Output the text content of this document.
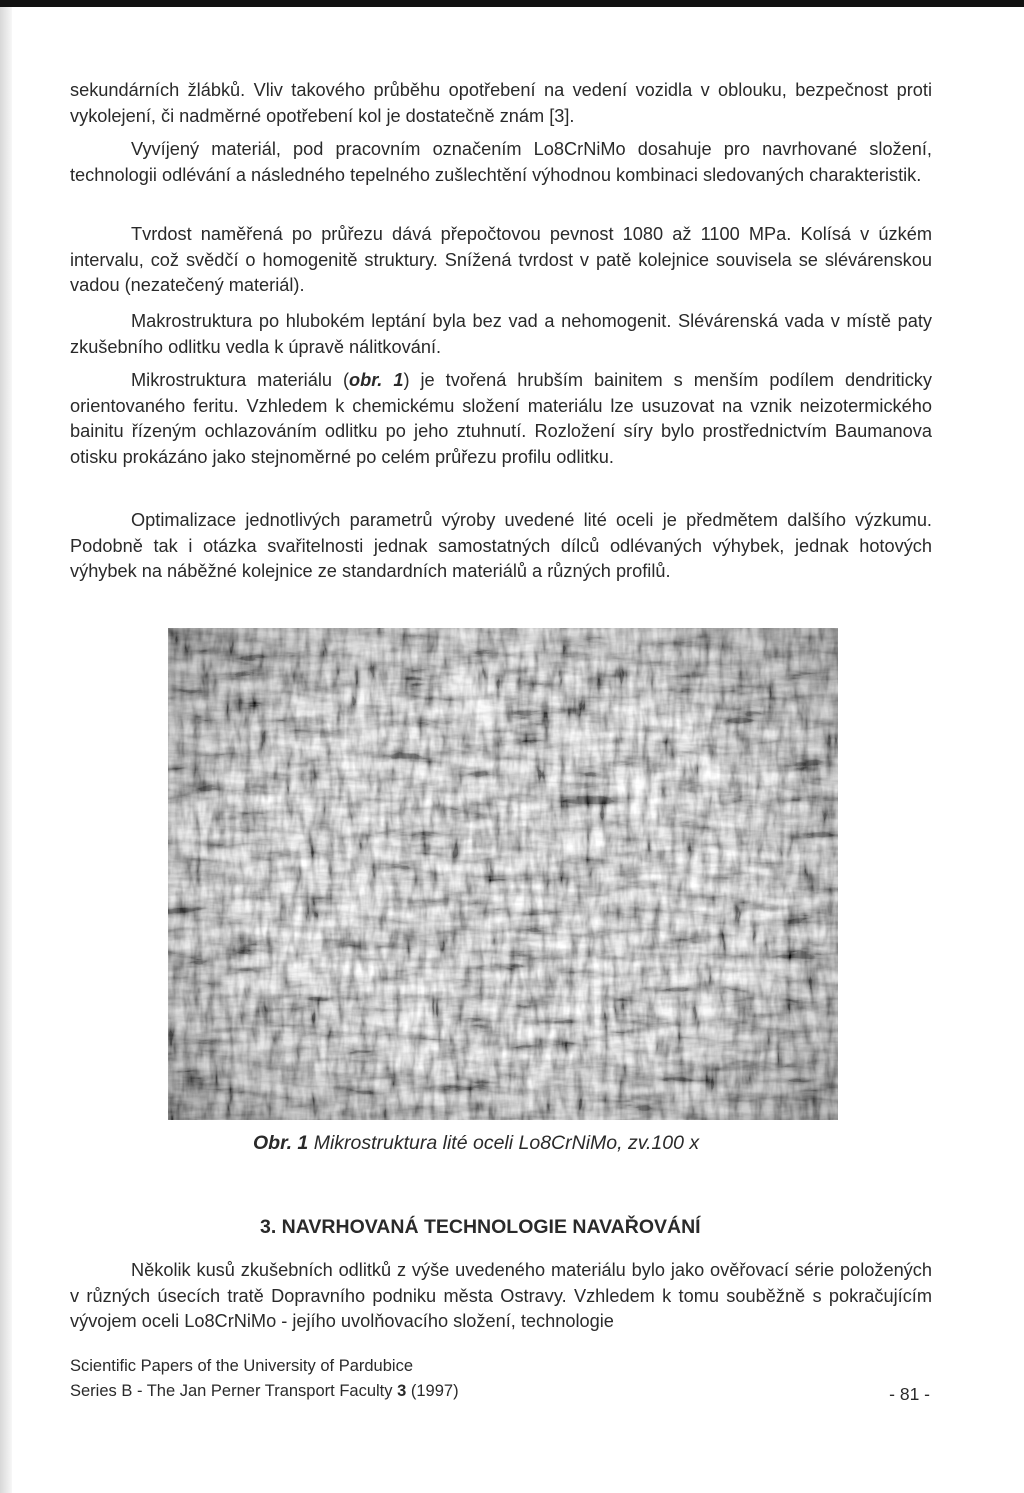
sekundárních žlábků. Vliv takového průběhu opotřebení na vedení vozidla v oblouku, bezpečnost proti vykolejení, či nadměrné opotřebení kol je dostatečně znám [3].

Vyvíjený materiál, pod pracovním označením Lo8CrNiMo dosahuje pro navrhované složení, technologii odlévání a následného tepelného zušlechtění výhodnou kombinaci sledovaných charakteristik.

Tvrdost naměřená po průřezu dává přepočtovou pevnost 1080 až 1100 MPa. Kolísá v úzkém intervalu, což svědčí o homogenitě struktury. Snížená tvrdost v patě kolejnice souvisela se slévárenskou vadou (nezatečený materiál).

Makrostruktura po hlubokém leptání byla bez vad a nehomogenit. Slévárenská vada v místě paty zkušebního odlitku vedla k úpravě nálitkování.

Mikrostruktura materiálu (obr. 1) je tvořená hrubším bainitem s menším podílem dendriticky orientovaného feritu. Vzhledem k chemickému složení materiálu lze usuzovat na vznik neizotermického bainitu řízeným ochlazováním odlitku po jeho ztuhnutí. Rozložení síry bylo prostřednictvím Baumanova otisku prokázáno jako stejnoměrné po celém průřezu profilu odlitku.

Optimalizace jednotlivých parametrů výroby uvedené lité oceli je předmětem dalšího výzkumu. Podobně tak i otázka svařitelnosti jednak samostatných dílců odlévaných výhybek, jednak hotových výhybek na náběžné kolejnice ze standardních materiálů a různých profilů.

Obr. 1 Mikrostruktura lité oceli Lo8CrNiMo, zv.100 x
3. NAVRHOVANÁ TECHNOLOGIE NAVAŘOVÁNÍ

Několik kusů zkušebních odlitků z výše uvedeného materiálu bylo jako ověřovací série položených v různých úsecích tratě Dopravního podniku města Ostravy. Vzhledem k tomu souběžně s pokračujícím vývojem oceli Lo8CrNiMo - jejího uvolňovacího složení, technologie

Scientific Papers of the University of Pardubice
Series B - The Jan Perner Transport Faculty 3 (1997)	- 81 -
